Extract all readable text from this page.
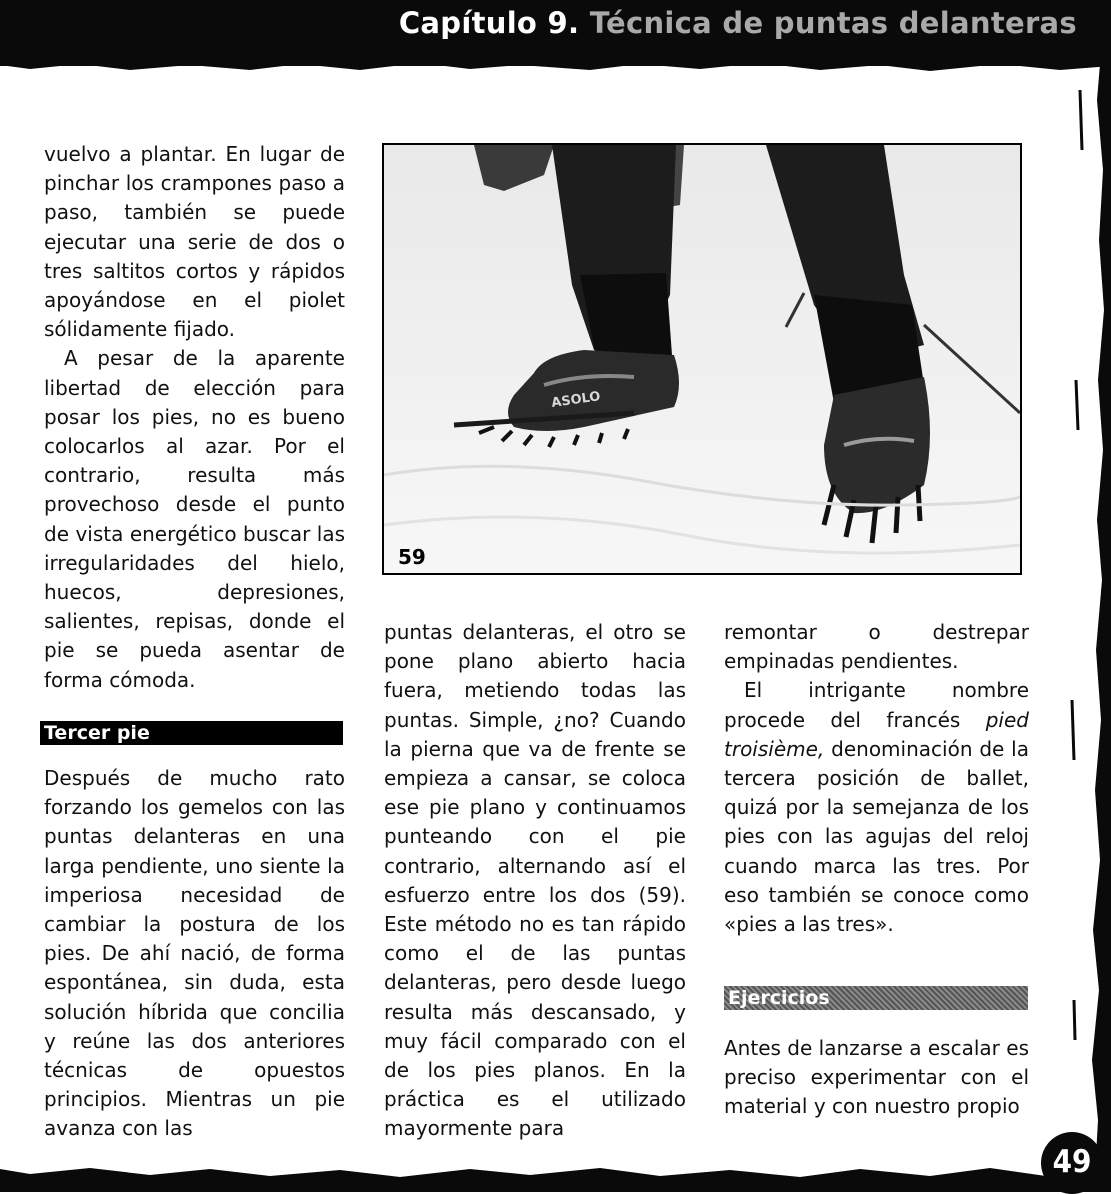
Capítulo 9. Técnica de puntas delanteras
49

vuelvo a plantar. En lugar de pinchar los crampones paso a paso, también se puede ejecutar una serie de dos o tres saltitos cortos y rápidos apoyándose en el piolet sólidamente fijado.

A pesar de la aparente libertad de elección para posar los pies, no es bueno colocarlos al azar. Por el contrario, resulta más provechoso desde el punto de vista energético buscar las irregularidades del hielo, huecos, depresiones, salientes, repisas, donde el pie se pueda asentar de forma cómoda.

Tercer pie

Después de mucho rato forzando los gemelos con las puntas delanteras en una larga pendiente, uno siente la imperiosa necesidad de cambiar la postura de los pies. De ahí nació, de forma espontánea, sin duda, esta solución híbrida que concilia y reúne las dos anteriores técnicas de opuestos principios. Mientras un pie avanza con las

ASOLO
59

puntas delanteras, el otro se pone plano abierto hacia fuera, metiendo todas las puntas. Simple, ¿no? Cuando la pierna que va de frente se empieza a cansar, se coloca ese pie plano y continuamos punteando con el pie contrario, alternando así el esfuerzo entre los dos (59). Este método no es tan rápido como el de las puntas delanteras, pero desde luego resulta más descansado, y muy fácil comparado con el de los pies planos. En la práctica es el utilizado mayormente para

remontar o destrepar empinadas pendientes.

El intrigante nombre procede del francés pied troisième, denominación de la tercera posición de ballet, quizá por la semejanza de los pies con las agujas del reloj cuando marca las tres. Por eso también se conoce como «pies a las tres».

Ejercicios

Antes de lanzarse a escalar es preciso experimentar con el material y con nuestro propio
